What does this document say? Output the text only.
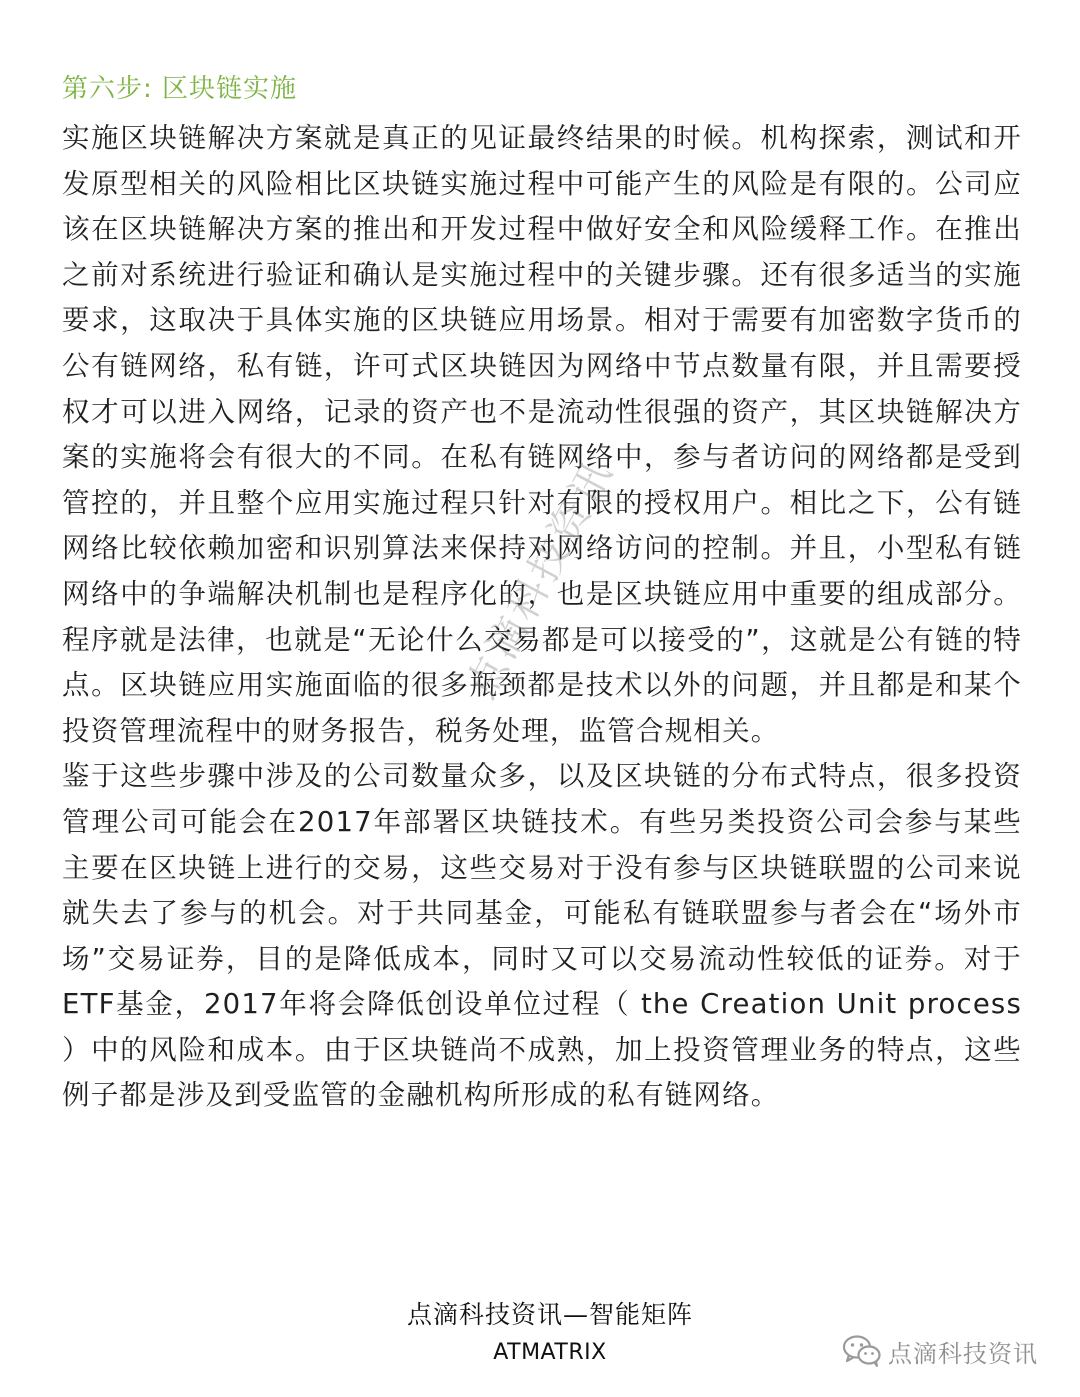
第六步: 区块链实施

实施区块链解决方案就是真正的见证最终结果的时候。机构探索，测试和开发原型相关的风险相比区块链实施过程中可能产生的风险是有限的。公司应该在区块链解决方案的推出和开发过程中做好安全和风险缓释工作。在推出之前对系统进行验证和确认是实施过程中的关键步骤。还有很多适当的实施要求，这取决于具体实施的区块链应用场景。相对于需要有加密数字货币的公有链网络，私有链，许可式区块链因为网络中节点数量有限，并且需要授权才可以进入网络，记录的资产也不是流动性很强的资产，其区块链解决方案的实施将会有很大的不同。在私有链网络中，参与者访问的网络都是受到管控的，并且整个应用实施过程只针对有限的授权用户。相比之下，公有链网络比较依赖加密和识别算法来保持对网络访问的控制。并且，小型私有链网络中的争端解决机制也是程序化的，也是区块链应用中重要的组成部分。程序就是法律，也就是“无论什么交易都是可以接受的”，这就是公有链的特点。区块链应用实施面临的很多瓶颈都是技术以外的问题，并且都是和某个投资管理流程中的财务报告，税务处理，监管合规相关。

鉴于这些步骤中涉及的公司数量众多，以及区块链的分布式特点，很多投资管理公司可能会在2017年部署区块链技术。有些另类投资公司会参与某些主要在区块链上进行的交易，这些交易对于没有参与区块链联盟的公司来说就失去了参与的机会。对于共同基金，可能私有链联盟参与者会在“场外市场”交易证券，目的是降低成本，同时又可以交易流动性较低的证券。对于ETF基金，2017年将会降低创设单位过程（ the Creation Unit process ）中的风险和成本。由于区块链尚不成熟，加上投资管理业务的特点，这些例子都是涉及到受监管的金融机构所形成的私有链网络。

点滴科技资讯
点滴科技资讯—智能矩阵
ATMATRIX	点滴科技资讯
